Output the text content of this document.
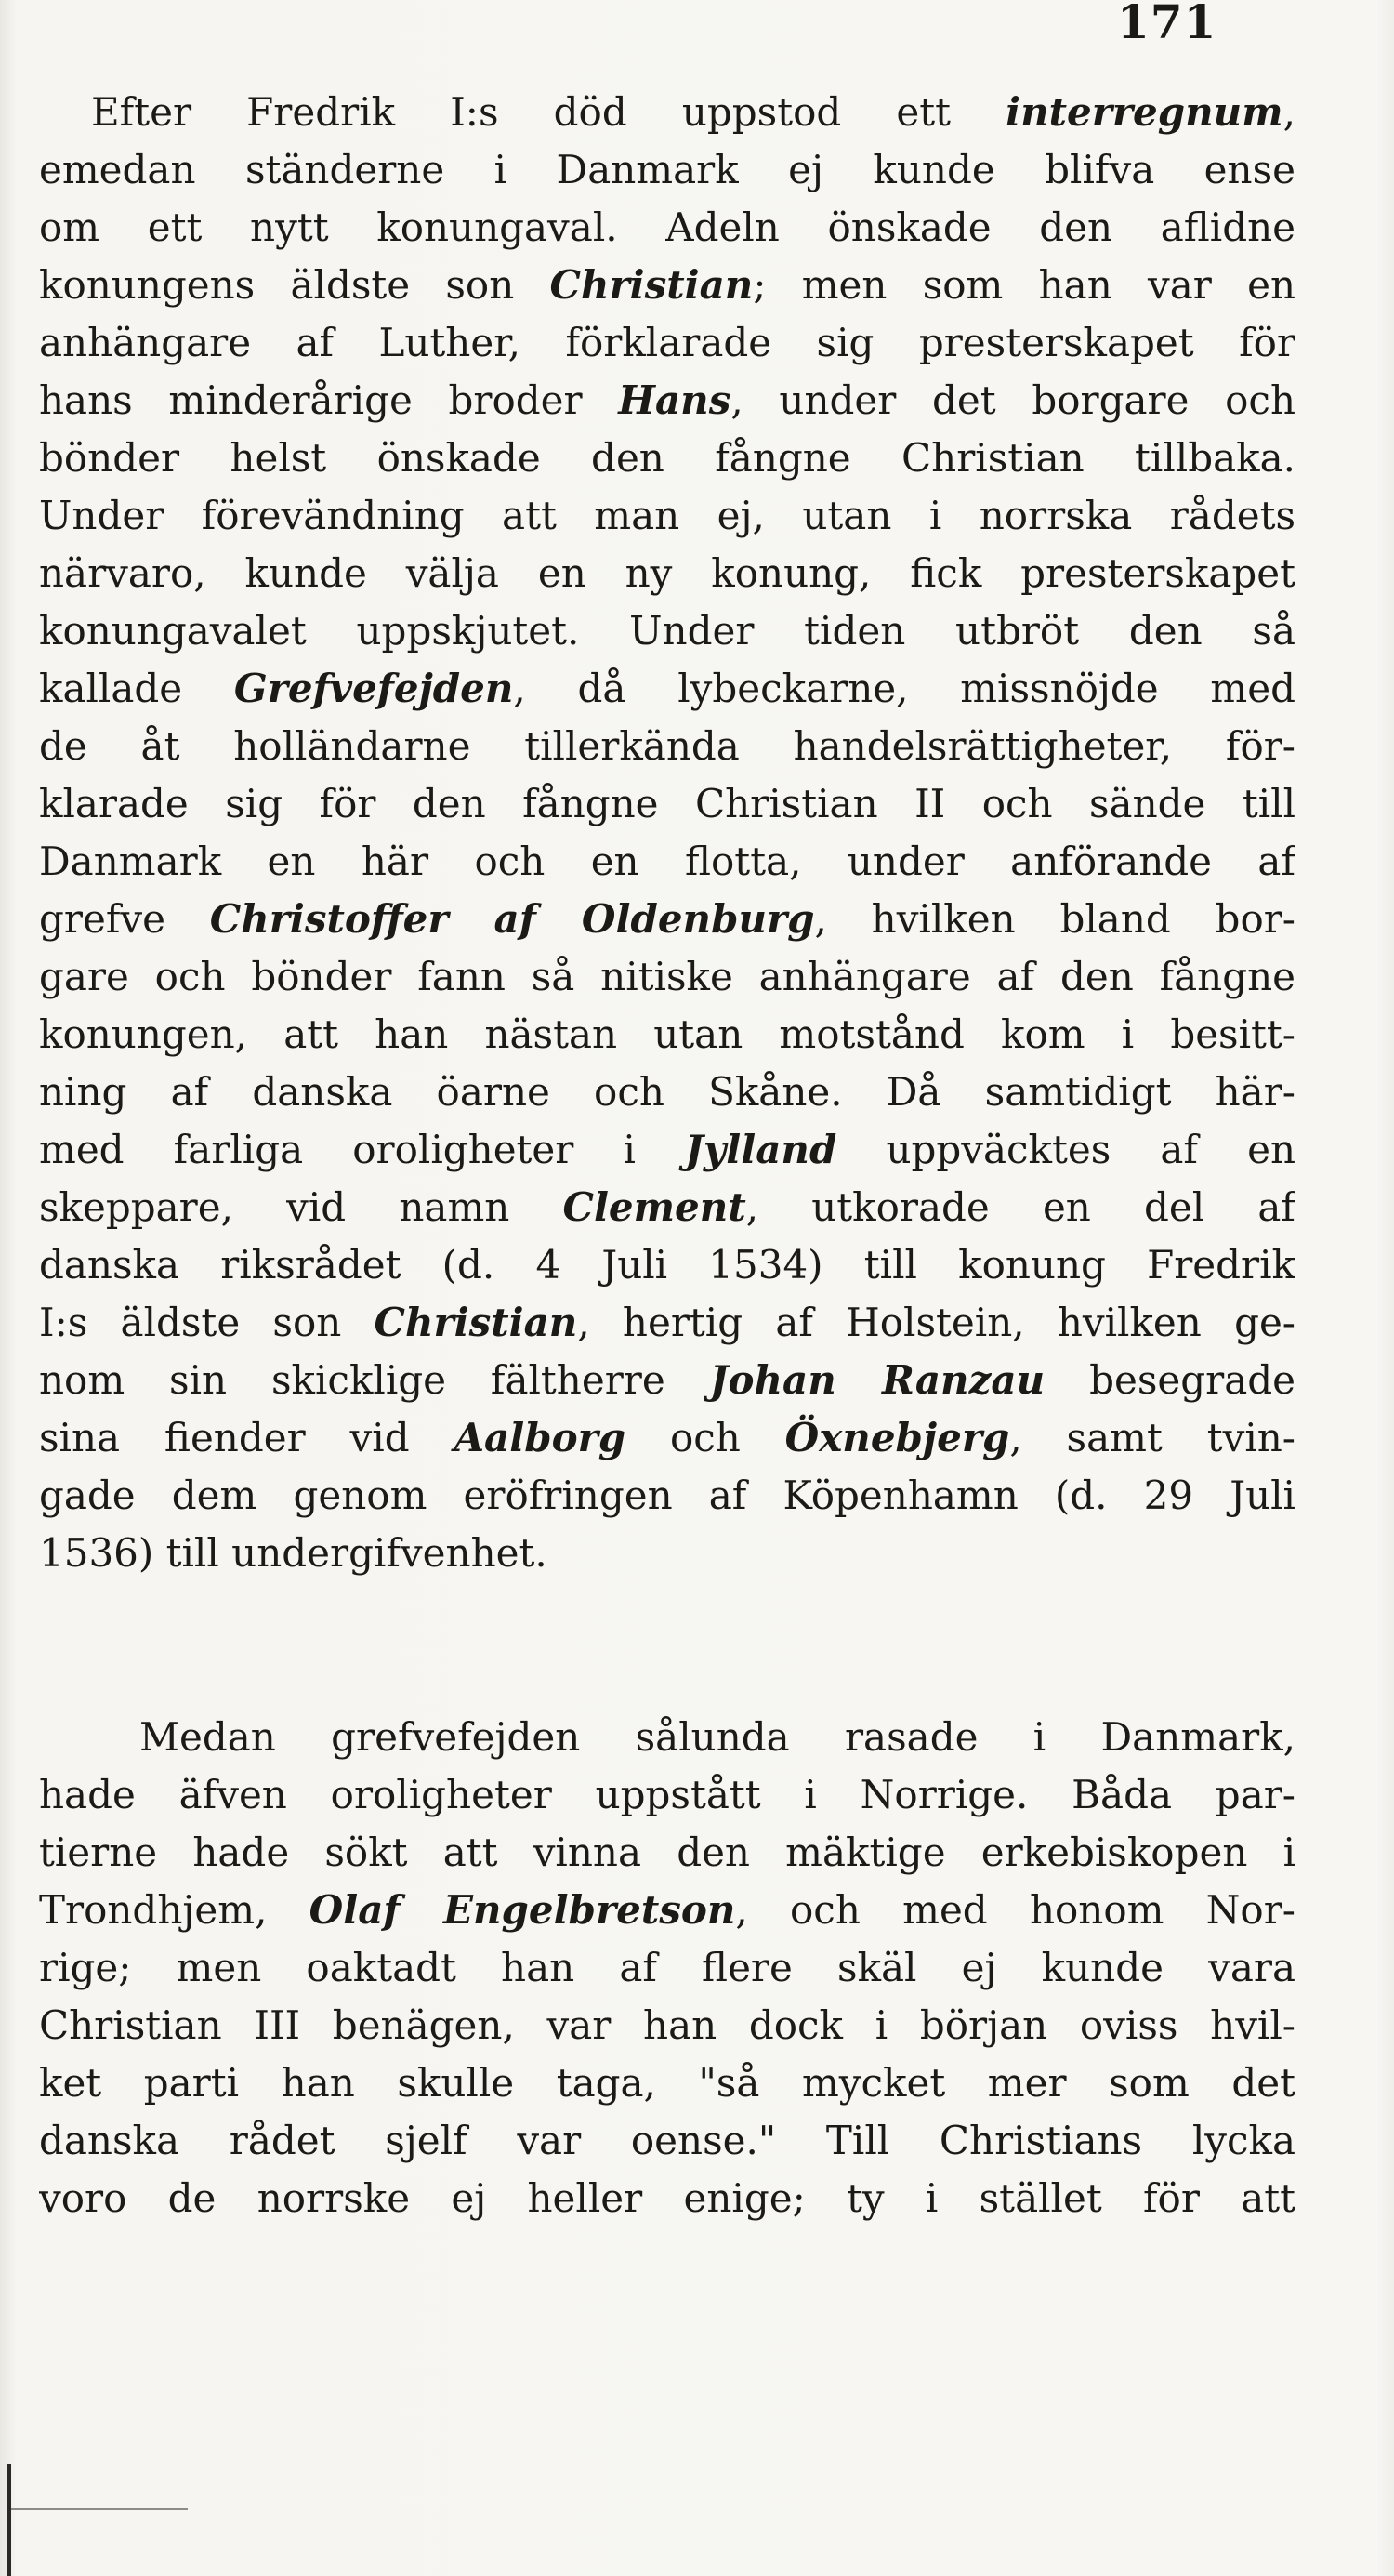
171
Efter Fredrik I:s död uppstod ett interregnum,
emedan ständerne i Danmark ej kunde blifva ense
om ett nytt konungaval. Adeln önskade den aflidne
konungens äldste son Christian; men som han var en
anhängare af Luther, förklarade sig presterskapet för
hans minderårige broder Hans, under det borgare och
bönder helst önskade den fångne Christian tillbaka.
Under förevändning att man ej, utan i norrska rådets
närvaro, kunde välja en ny konung, fick presterskapet
konungavalet uppskjutet. Under tiden utbröt den så
kallade Grefvefejden, då lybeckarne, missnöjde med
de åt holländarne tillerkända handelsrättigheter, för-
klarade sig för den fångne Christian II och sände till
Danmark en här och en flotta, under anförande af
grefve Christoffer af Oldenburg, hvilken bland bor-
gare och bönder fann så nitiske anhängare af den fångne
konungen, att han nästan utan motstånd kom i besitt-
ning af danska öarne och Skåne. Då samtidigt här-
med farliga oroligheter i Jylland uppväcktes af en
skeppare, vid namn Clement, utkorade en del af
danska riksrådet (d. 4 Juli 1534) till konung Fredrik
I:s äldste son Christian, hertig af Holstein, hvilken ge-
nom sin skicklige fältherre Johan Ranzau besegrade
sina fiender vid Aalborg och Öxnebjerg, samt tvin-
gade dem genom eröfringen af Köpenhamn (d. 29 Juli
1536) till undergifvenhet.
Medan grefvefejden sålunda rasade i Danmark,
hade äfven oroligheter uppstått i Norrige. Båda par-
tierne hade sökt att vinna den mäktige erkebiskopen i
Trondhjem, Olaf Engelbretson, och med honom Nor-
rige; men oaktadt han af flere skäl ej kunde vara
Christian III benägen, var han dock i början oviss hvil-
ket parti han skulle taga, "så mycket mer som det
danska rådet sjelf var oense." Till Christians lycka
voro de norrske ej heller enige; ty i stället för att
